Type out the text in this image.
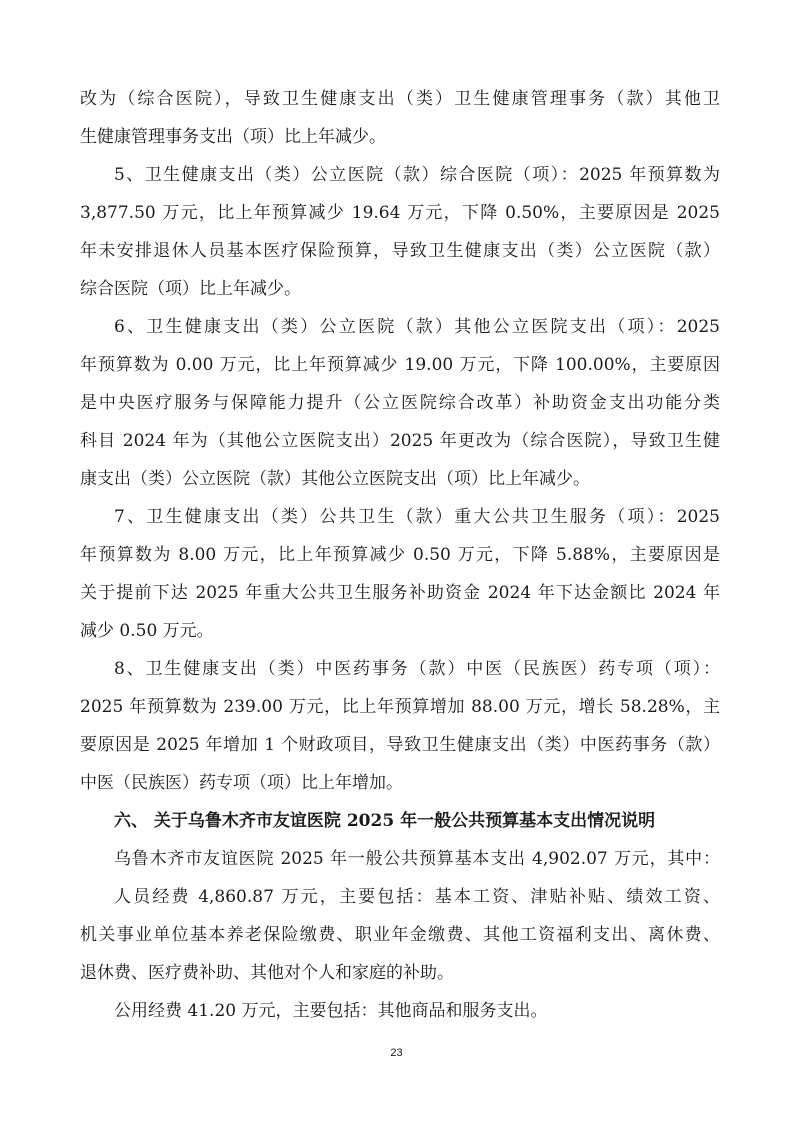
改为（综合医院），导致卫生健康支出（类）卫生健康管理事务（款）其他卫
生健康管理事务支出（项）比上年减少。
5、卫生健康支出（类）公立医院（款）综合医院（项）：2025 年预算数为
3,877.50 万元，比上年预算减少 19.64 万元，下降 0.50%，主要原因是 2025
年未安排退休人员基本医疗保险预算，导致卫生健康支出（类）公立医院（款）
综合医院（项）比上年减少。
6、卫生健康支出（类）公立医院（款）其他公立医院支出（项）：2025
年预算数为 0.00 万元，比上年预算减少 19.00 万元，下降 100.00%，主要原因
是中央医疗服务与保障能力提升（公立医院综合改革）补助资金支出功能分类
科目 2024 年为（其他公立医院支出）2025 年更改为（综合医院），导致卫生健
康支出（类）公立医院（款）其他公立医院支出（项）比上年减少。
7、卫生健康支出（类）公共卫生（款）重大公共卫生服务（项）：2025
年预算数为 8.00 万元，比上年预算减少 0.50 万元，下降 5.88%，主要原因是
关于提前下达 2025 年重大公共卫生服务补助资金 2024 年下达金额比 2024 年
减少 0.50 万元。
8、卫生健康支出（类）中医药事务（款）中医（民族医）药专项（项）：
2025 年预算数为 239.00 万元，比上年预算增加 88.00 万元，增长 58.28%，主
要原因是 2025 年增加 1 个财政项目，导致卫生健康支出（类）中医药事务（款）
中医（民族医）药专项（项）比上年增加。
六、 关于乌鲁木齐市友谊医院 2025 年一般公共预算基本支出情况说明
乌鲁木齐市友谊医院 2025 年一般公共预算基本支出 4,902.07 万元，其中：
人员经费 4,860.87 万元，主要包括：基本工资、津贴补贴、绩效工资、
机关事业单位基本养老保险缴费、职业年金缴费、其他工资福利支出、离休费、
退休费、医疗费补助、其他对个人和家庭的补助。
公用经费 41.20 万元，主要包括：其他商品和服务支出。
23
